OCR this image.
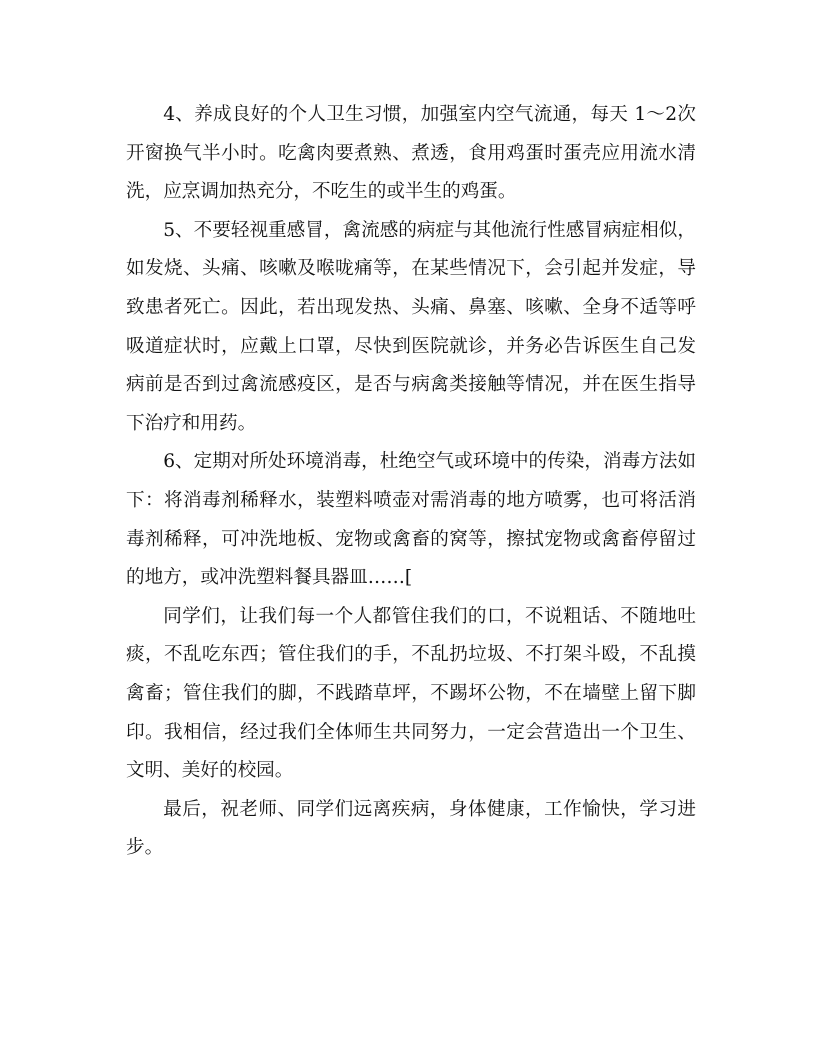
4、养成良好的个人卫生习惯，加强室内空气流通，每天 1～2次开窗换气半小时。吃禽肉要煮熟、煮透，食用鸡蛋时蛋壳应用流水清洗，应烹调加热充分，不吃生的或半生的鸡蛋。

5、不要轻视重感冒，禽流感的病症与其他流行性感冒病症相似，如发烧、头痛、咳嗽及喉咙痛等，在某些情况下，会引起并发症，导致患者死亡。因此，若出现发热、头痛、鼻塞、咳嗽、全身不适等呼吸道症状时，应戴上口罩，尽快到医院就诊，并务必告诉医生自己发病前是否到过禽流感疫区，是否与病禽类接触等情况，并在医生指导下治疗和用药。

6、定期对所处环境消毒，杜绝空气或环境中的传染，消毒方法如下：将消毒剂稀释水，装塑料喷壶对需消毒的地方喷雾，也可将活消毒剂稀释，可冲洗地板、宠物或禽畜的窝等，擦拭宠物或禽畜停留过的地方，或冲洗塑料餐具器皿……[

同学们，让我们每一个人都管住我们的口，不说粗话、不随地吐痰，不乱吃东西；管住我们的手，不乱扔垃圾、不打架斗殴，不乱摸禽畜；管住我们的脚，不践踏草坪，不踢坏公物，不在墙壁上留下脚印。我相信，经过我们全体师生共同努力，一定会营造出一个卫生、文明、美好的校园。

最后，祝老师、同学们远离疾病，身体健康，工作愉快，学习进步。
